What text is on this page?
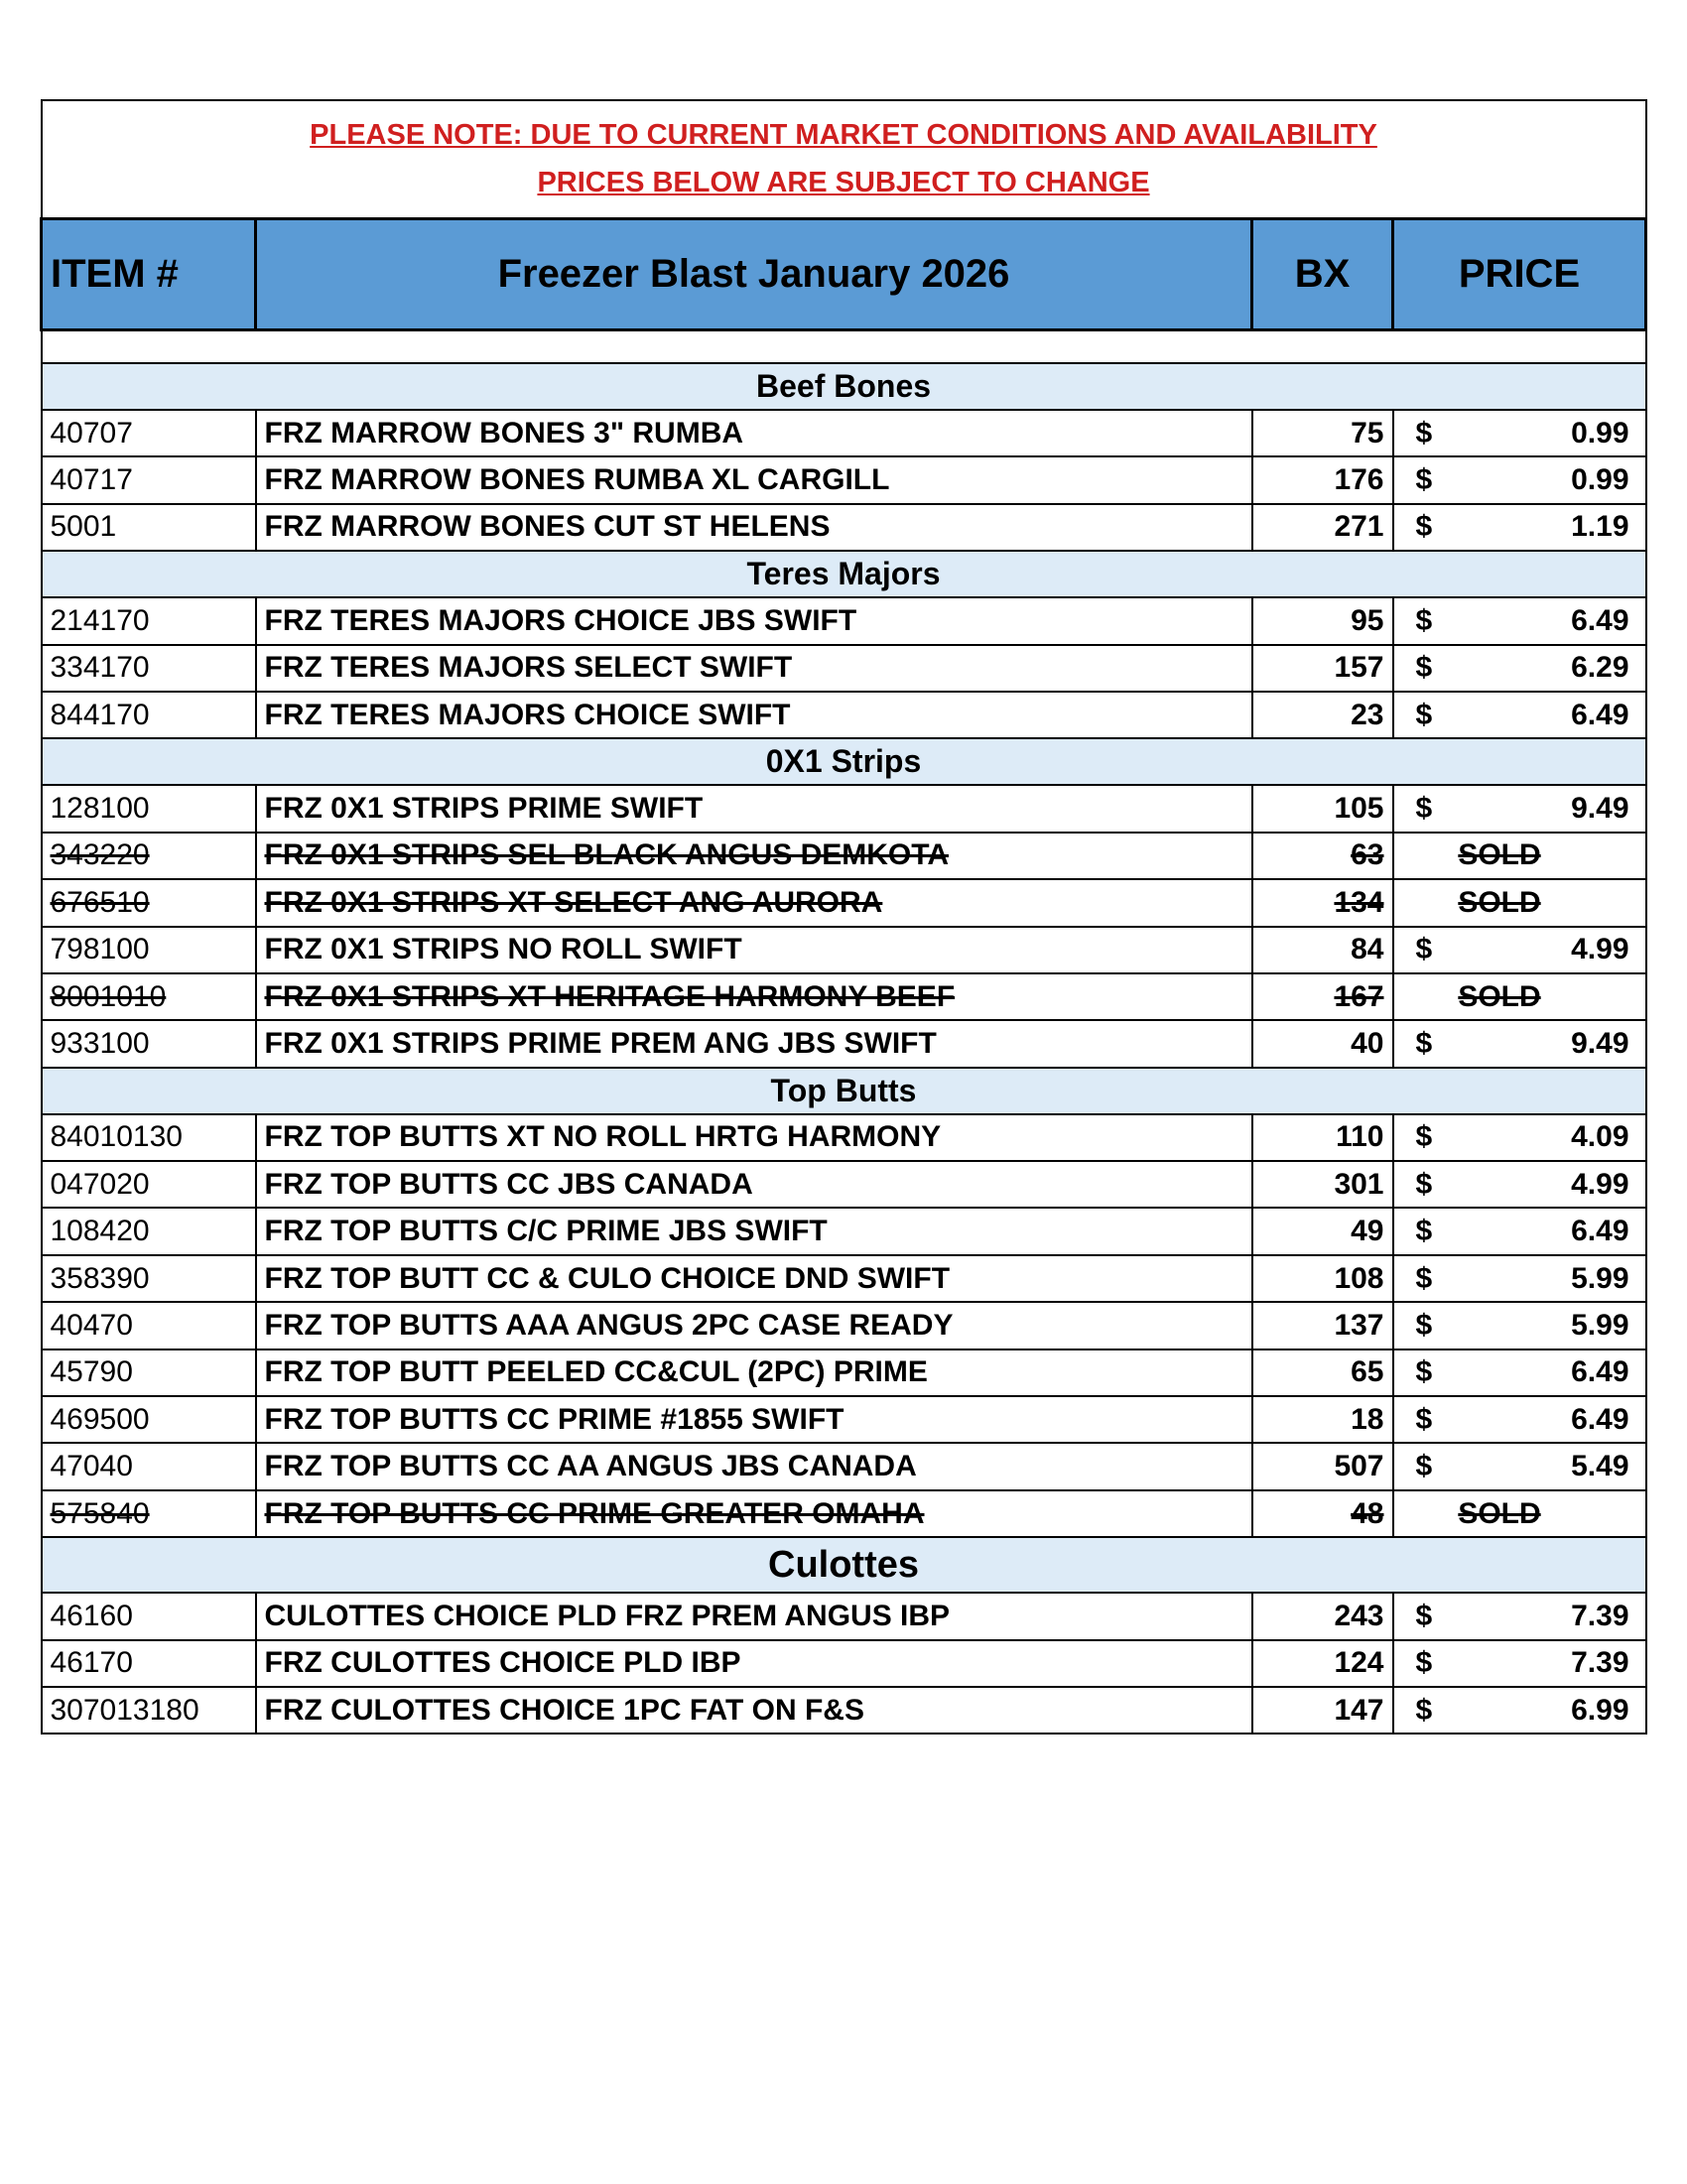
PLEASE NOTE: DUE TO CURRENT MARKET CONDITIONS AND AVAILABILITY
PRICES BELOW ARE SUBJECT TO CHANGE			

ITEM #	Freezer Blast January 2026	BX	PRICE

Beef Bones			
40707	FRZ MARROW BONES 3" RUMBA	75	$ 0.99

40717	FRZ MARROW BONES RUMBA XL CARGILL	176	$ 0.99

5001	FRZ MARROW BONES CUT ST HELENS	271	$ 1.19

Teres Majors			
214170	FRZ TERES MAJORS CHOICE JBS SWIFT	95	$ 6.49

334170	FRZ TERES MAJORS SELECT SWIFT	157	$ 6.29

844170	FRZ TERES MAJORS CHOICE SWIFT	23	$ 6.49

0X1 Strips			
128100	FRZ 0X1 STRIPS PRIME SWIFT	105	$ 9.49

343220	FRZ 0X1 STRIPS SEL BLACK ANGUS DEMKOTA	63	SOLD

676510	FRZ 0X1 STRIPS XT SELECT ANG AURORA	134	SOLD

798100	FRZ 0X1 STRIPS NO ROLL SWIFT	84	$ 4.99

8001010	FRZ 0X1 STRIPS XT HERITAGE HARMONY BEEF	167	SOLD

933100	FRZ 0X1 STRIPS PRIME PREM ANG JBS SWIFT	40	$ 9.49

Top Butts			
84010130	FRZ TOP BUTTS XT NO ROLL HRTG HARMONY	110	$ 4.09

047020	FRZ TOP BUTTS CC JBS CANADA	301	$ 4.99

108420	FRZ TOP BUTTS C/C PRIME JBS SWIFT	49	$ 6.49

358390	FRZ TOP BUTT CC & CULO CHOICE DND SWIFT	108	$ 5.99

40470	FRZ TOP BUTTS AAA ANGUS 2PC CASE READY	137	$ 5.99

45790	FRZ TOP BUTT PEELED CC&CUL (2PC) PRIME	65	$ 6.49

469500	FRZ TOP BUTTS CC PRIME #1855 SWIFT	18	$ 6.49

47040	FRZ TOP BUTTS CC AA ANGUS JBS CANADA	507	$ 5.49

575840	FRZ TOP BUTTS CC PRIME GREATER OMAHA	48	SOLD

Culottes			
46160	CULOTTES CHOICE PLD FRZ PREM ANGUS IBP	243	$ 7.39

46170	FRZ CULOTTES CHOICE PLD IBP	124	$ 7.39

307013180	FRZ CULOTTES CHOICE 1PC FAT ON F&S	147	$ 6.99
